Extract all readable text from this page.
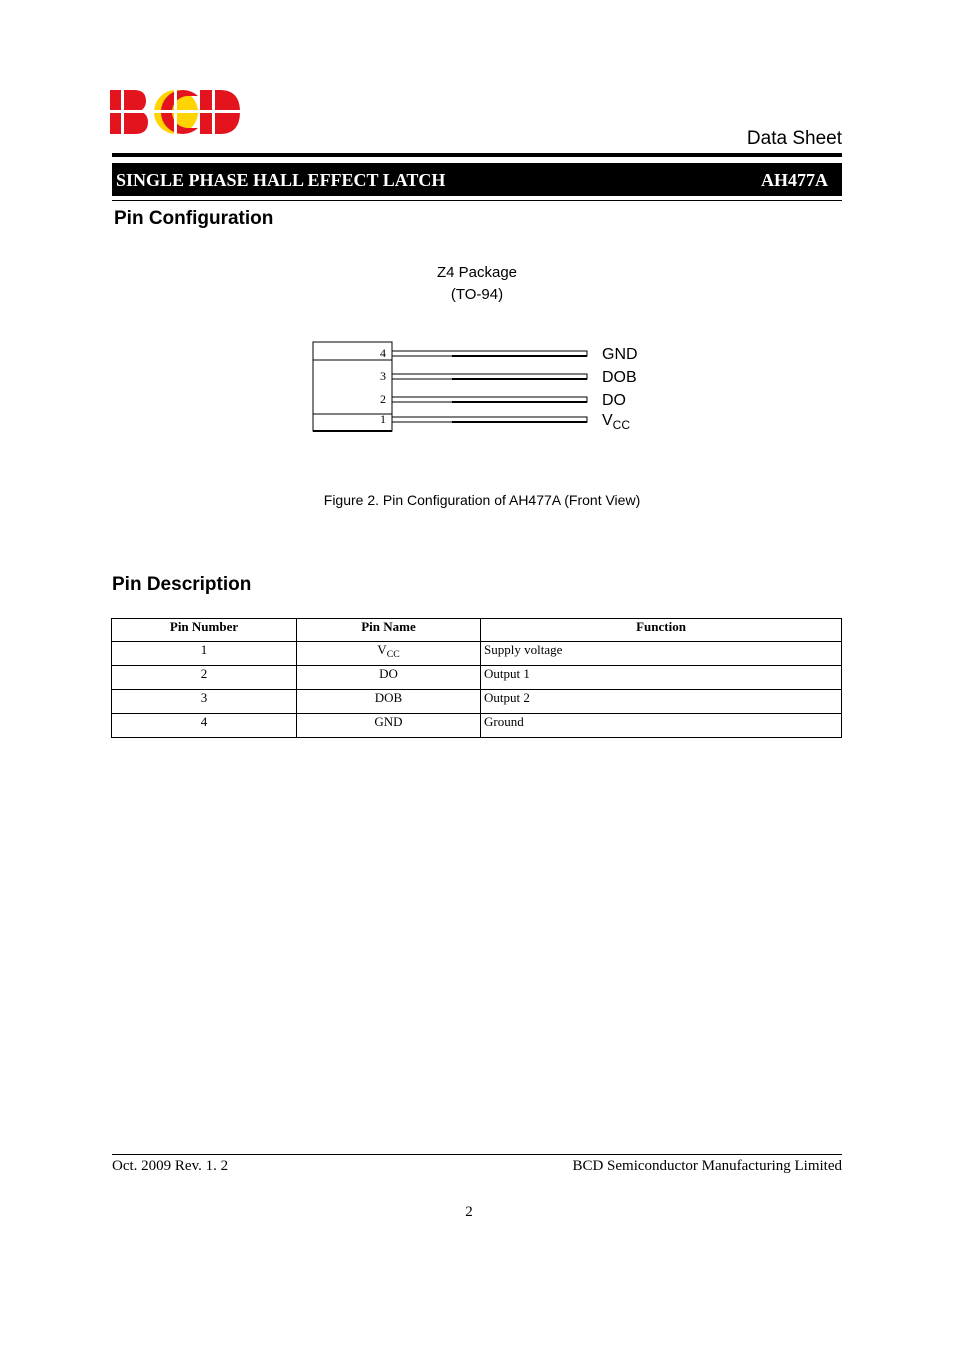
Data Sheet
SINGLE PHASE HALL EFFECT LATCH	AH477A
Pin Configuration
Z4 Package
(TO-94)
4	GND
3	DOB
2	DO
1	$V_{CC}$
Figure 2. Pin Configuration of AH477A (Front View)
Pin Description
Pin Number	Pin Name	Function
1	$V_{CC}$	Supply voltage
2	DO	Output 1
3	DOB	Output 2
4	GND	Ground
Oct. 2009 Rev. 1. 2	BCD Semiconductor Manufacturing Limited
2
